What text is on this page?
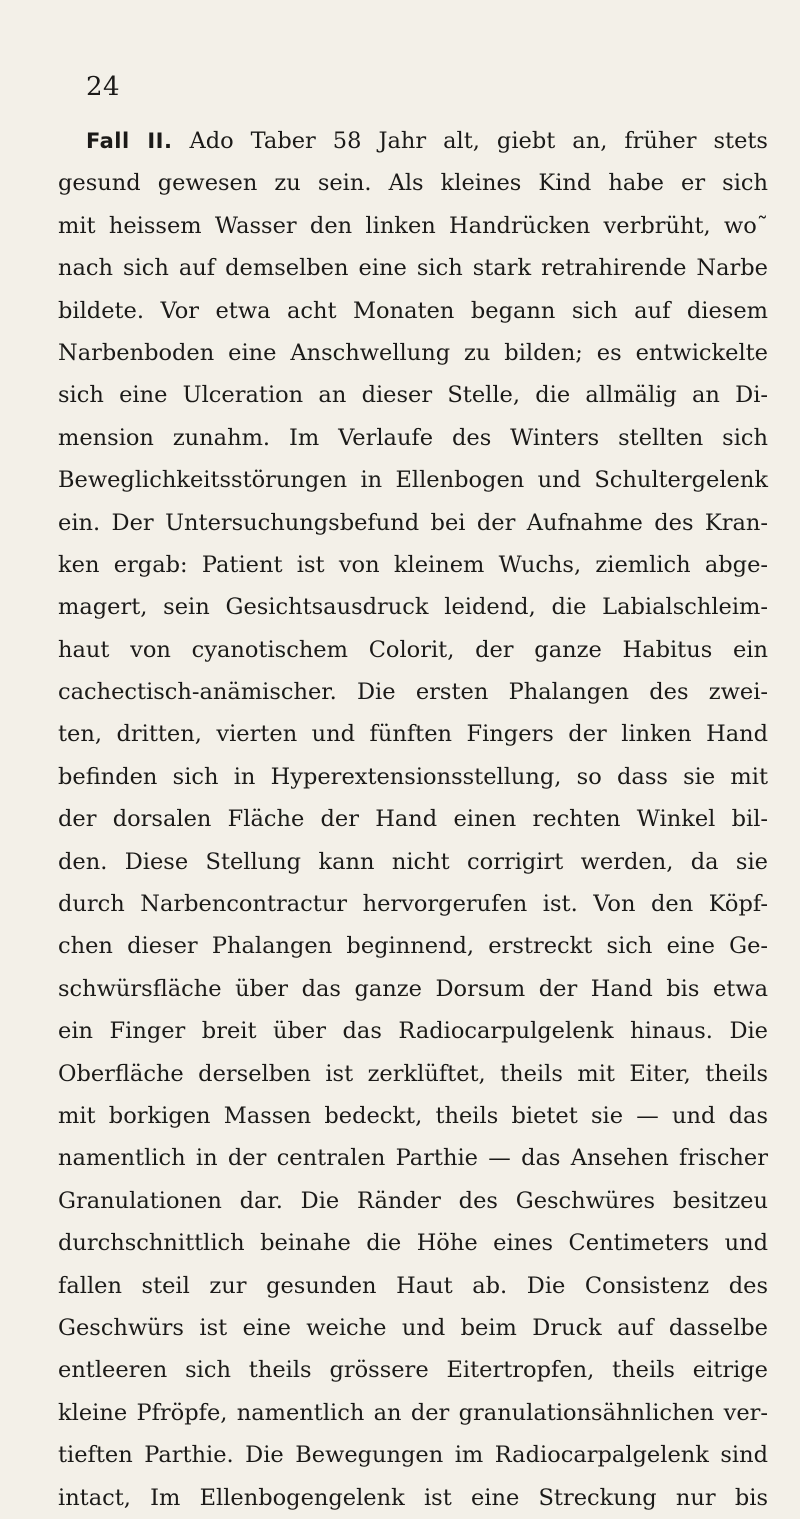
24
Fall II. Ado Taber 58 Jahr alt, giebt an, früher stets
gesund gewesen zu sein. Als kleines Kind habe er sich
mit heissem Wasser den linken Handrücken verbrüht, wo˜
nach sich auf demselben eine sich stark retrahirende Narbe
bildete. Vor etwa acht Monaten begann sich auf diesem
Narbenboden eine Anschwellung zu bilden; es entwickelte
sich eine Ulceration an dieser Stelle, die allmälig an Di-
mension zunahm. Im Verlaufe des Winters stellten sich
Beweglichkeitsstörungen in Ellenbogen und Schultergelenk
ein. Der Untersuchungsbefund bei der Aufnahme des Kran-
ken ergab: Patient ist von kleinem Wuchs, ziemlich abge-
magert, sein Gesichtsausdruck leidend, die Labialschleim-
haut von cyanotischem Colorit, der ganze Habitus ein
cachectisch-anämischer. Die ersten Phalangen des zwei-
ten, dritten, vierten und fünften Fingers der linken Hand
befinden sich in Hyperextensionsstellung, so dass sie mit
der dorsalen Fläche der Hand einen rechten Winkel bil-
den. Diese Stellung kann nicht corrigirt werden, da sie
durch Narbencontractur hervorgerufen ist. Von den Köpf-
chen dieser Phalangen beginnend, erstreckt sich eine Ge-
schwürsfläche über das ganze Dorsum der Hand bis etwa
ein Finger breit über das Radiocarpulgelenk hinaus. Die
Oberfläche derselben ist zerklüftet, theils mit Eiter, theils
mit borkigen Massen bedeckt, theils bietet sie — und das
namentlich in der centralen Parthie — das Ansehen frischer
Granulationen dar. Die Ränder des Geschwüres besitzeu
durchschnittlich beinahe die Höhe eines Centimeters und
fallen steil zur gesunden Haut ab. Die Consistenz des
Geschwürs ist eine weiche und beim Druck auf dasselbe
entleeren sich theils grössere Eitertropfen, theils eitrige
kleine Pfröpfe, namentlich an der granulationsähnlichen ver-
tieften Parthie. Die Bewegungen im Radiocarpalgelenk sind
intact, Im Ellenbogengelenk ist eine Streckung nur bis
